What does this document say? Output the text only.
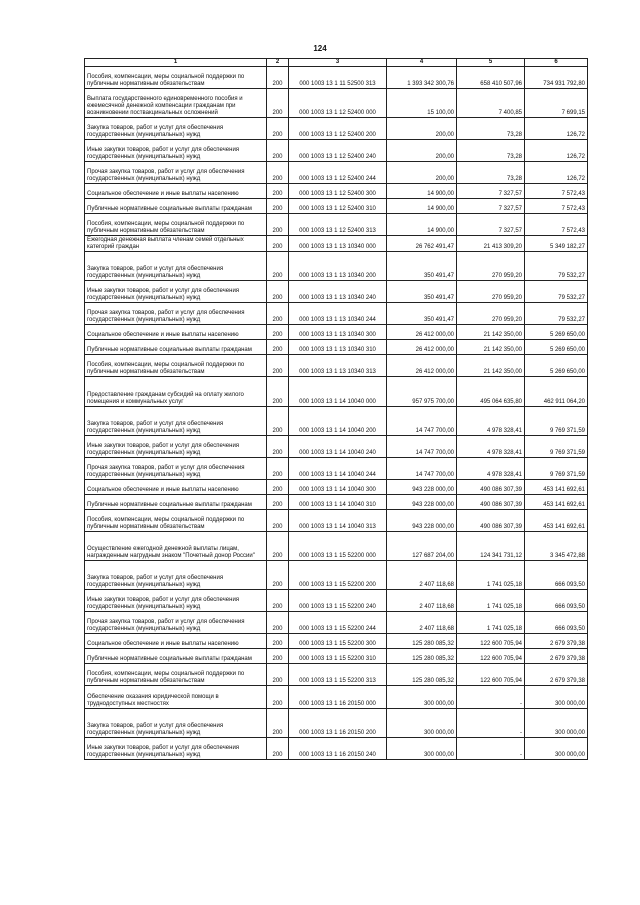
124
1	2	3	4	5	6
Пособия, компенсации, меры социальной поддержки по публичным нормативным обязательствам	200	000 1003 13 1 11 52500 313	1 393 342 300,76	658 410 507,96	734 931 792,80
Выплата государственного единовременного пособия и ежемесячной денежной компенсации гражданам при возникновении поствакцинальных осложнений	200	000 1003 13 1 12 52400 000	15 100,00	7 400,85	7 699,15
Закупка товаров, работ и услуг для обеспечения государственных (муниципальных) нужд	200	000 1003 13 1 12 52400 200	200,00	73,28	126,72
Иные закупки товаров, работ и услуг для обеспечения государственных (муниципальных) нужд	200	000 1003 13 1 12 52400 240	200,00	73,28	126,72
Прочая закупка товаров, работ и услуг для обеспечения государственных (муниципальных) нужд	200	000 1003 13 1 12 52400 244	200,00	73,28	126,72
Социальное обеспечение и иные выплаты населению	200	000 1003 13 1 12 52400 300	14 900,00	7 327,57	7 572,43
Публичные нормативные социальные выплаты гражданам	200	000 1003 13 1 12 52400 310	14 900,00	7 327,57	7 572,43
Пособия, компенсации, меры социальной поддержки по публичным нормативным обязательствам	200	000 1003 13 1 12 52400 313	14 900,00	7 327,57	7 572,43
Ежегодная денежная выплата членам семей отдельных категорий граждан	200	000 1003 13 1 13 10340 000	26 762 491,47	21 413 309,20	5 349 182,27
Закупка товаров, работ и услуг для обеспечения государственных (муниципальных) нужд	200	000 1003 13 1 13 10340 200	350 491,47	270 959,20	79 532,27
Иные закупки товаров, работ и услуг для обеспечения государственных (муниципальных) нужд	200	000 1003 13 1 13 10340 240	350 491,47	270 959,20	79 532,27
Прочая закупка товаров, работ и услуг для обеспечения государственных (муниципальных) нужд	200	000 1003 13 1 13 10340 244	350 491,47	270 959,20	79 532,27
Социальное обеспечение и иные выплаты населению	200	000 1003 13 1 13 10340 300	26 412 000,00	21 142 350,00	5 269 650,00
Публичные нормативные социальные выплаты гражданам	200	000 1003 13 1 13 10340 310	26 412 000,00	21 142 350,00	5 269 650,00
Пособия, компенсации, меры социальной поддержки по публичным нормативным обязательствам	200	000 1003 13 1 13 10340 313	26 412 000,00	21 142 350,00	5 269 650,00
Предоставление гражданам субсидий на оплату жилого помещения и коммунальных услуг	200	000 1003 13 1 14 10040 000	957 975 700,00	495 064 635,80	462 911 064,20
Закупка товаров, работ и услуг для обеспечения государственных (муниципальных) нужд	200	000 1003 13 1 14 10040 200	14 747 700,00	4 978 328,41	9 769 371,59
Иные закупки товаров, работ и услуг для обеспечения государственных (муниципальных) нужд	200	000 1003 13 1 14 10040 240	14 747 700,00	4 978 328,41	9 769 371,59
Прочая закупка товаров, работ и услуг для обеспечения государственных (муниципальных) нужд	200	000 1003 13 1 14 10040 244	14 747 700,00	4 978 328,41	9 769 371,59
Социальное обеспечение и иные выплаты населению	200	000 1003 13 1 14 10040 300	943 228 000,00	490 086 307,39	453 141 692,61
Публичные нормативные социальные выплаты гражданам	200	000 1003 13 1 14 10040 310	943 228 000,00	490 086 307,39	453 141 692,61
Пособия, компенсации, меры социальной поддержки по публичным нормативным обязательствам	200	000 1003 13 1 14 10040 313	943 228 000,00	490 086 307,39	453 141 692,61
Осуществление ежегодной денежной выплаты лицам, награжденным нагрудным знаком "Почетный донор России"	200	000 1003 13 1 15 52200 000	127 687 204,00	124 341 731,12	3 345 472,88
Закупка товаров, работ и услуг для обеспечения государственных (муниципальных) нужд	200	000 1003 13 1 15 52200 200	2 407 118,68	1 741 025,18	666 093,50
Иные закупки товаров, работ и услуг для обеспечения государственных (муниципальных) нужд	200	000 1003 13 1 15 52200 240	2 407 118,68	1 741 025,18	666 093,50
Прочая закупка товаров, работ и услуг для обеспечения государственных (муниципальных) нужд	200	000 1003 13 1 15 52200 244	2 407 118,68	1 741 025,18	666 093,50
Социальное обеспечение и иные выплаты населению	200	000 1003 13 1 15 52200 300	125 280 085,32	122 600 705,94	2 679 379,38
Публичные нормативные социальные выплаты гражданам	200	000 1003 13 1 15 52200 310	125 280 085,32	122 600 705,94	2 679 379,38
Пособия, компенсации, меры социальной поддержки по публичным нормативным обязательствам	200	000 1003 13 1 15 52200 313	125 280 085,32	122 600 705,94	2 679 379,38
Обеспечение оказания юридической помощи в труднодоступных местностях	200	000 1003 13 1 16 20150 000	300 000,00	-	300 000,00
Закупка товаров, работ и услуг для обеспечения государственных (муниципальных) нужд	200	000 1003 13 1 16 20150 200	300 000,00	-	300 000,00
Иные закупки товаров, работ и услуг для обеспечения государственных (муниципальных) нужд	200	000 1003 13 1 16 20150 240	300 000,00	-	300 000,00
